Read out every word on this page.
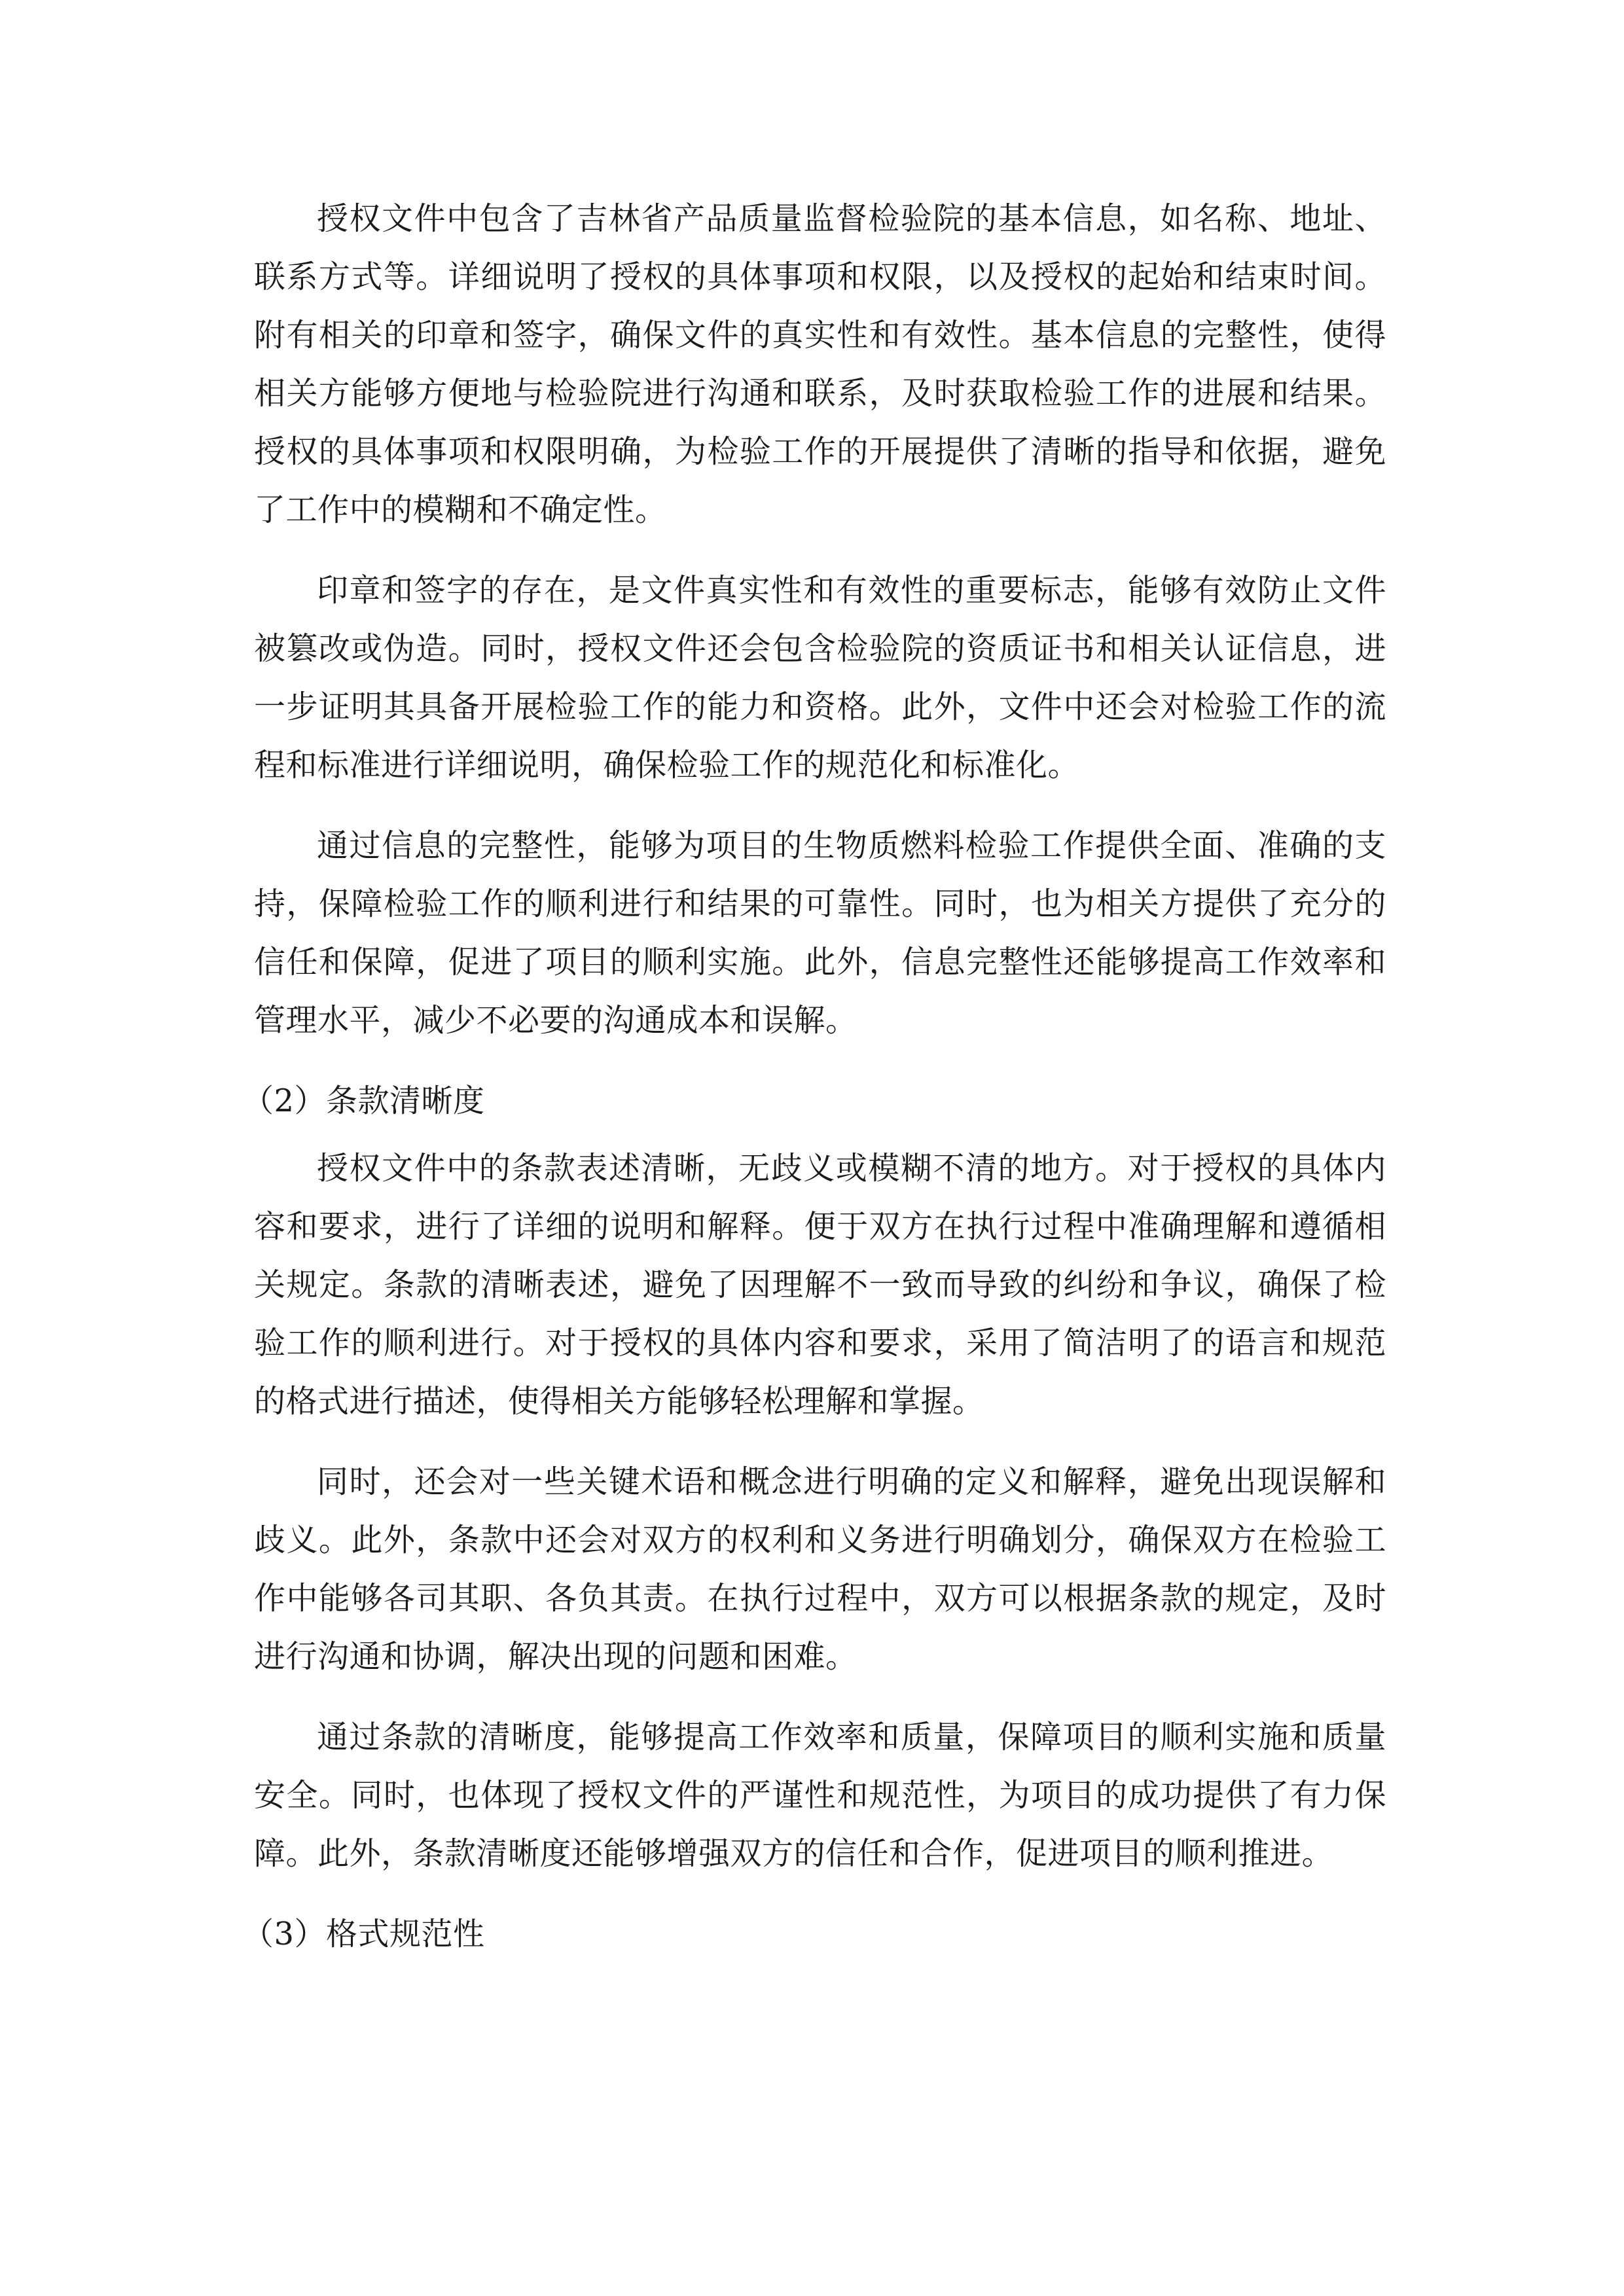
授权文件中包含了吉林省产品质量监督检验院的基本信息，如名称、地址、联系方式等。详细说明了授权的具体事项和权限，以及授权的起始和结束时间。附有相关的印章和签字，确保文件的真实性和有效性。基本信息的完整性，使得相关方能够方便地与检验院进行沟通和联系，及时获取检验工作的进展和结果。授权的具体事项和权限明确，为检验工作的开展提供了清晰的指导和依据，避免了工作中的模糊和不确定性。

印章和签字的存在，是文件真实性和有效性的重要标志，能够有效防止文件被篡改或伪造。同时，授权文件还会包含检验院的资质证书和相关认证信息，进一步证明其具备开展检验工作的能力和资格。此外，文件中还会对检验工作的流程和标准进行详细说明，确保检验工作的规范化和标准化。

通过信息的完整性，能够为项目的生物质燃料检验工作提供全面、准确的支持，保障检验工作的顺利进行和结果的可靠性。同时，也为相关方提供了充分的信任和保障，促进了项目的顺利实施。此外，信息完整性还能够提高工作效率和管理水平，减少不必要的沟通成本和误解。

（2）条款清晰度

授权文件中的条款表述清晰，无歧义或模糊不清的地方。对于授权的具体内容和要求，进行了详细的说明和解释。便于双方在执行过程中准确理解和遵循相关规定。条款的清晰表述，避免了因理解不一致而导致的纠纷和争议，确保了检验工作的顺利进行。对于授权的具体内容和要求，采用了简洁明了的语言和规范的格式进行描述，使得相关方能够轻松理解和掌握。

同时，还会对一些关键术语和概念进行明确的定义和解释，避免出现误解和歧义。此外，条款中还会对双方的权利和义务进行明确划分，确保双方在检验工作中能够各司其职、各负其责。在执行过程中，双方可以根据条款的规定，及时进行沟通和协调，解决出现的问题和困难。

通过条款的清晰度，能够提高工作效率和质量，保障项目的顺利实施和质量安全。同时，也体现了授权文件的严谨性和规范性，为项目的成功提供了有力保障。此外，条款清晰度还能够增强双方的信任和合作，促进项目的顺利推进。

（3）格式规范性
